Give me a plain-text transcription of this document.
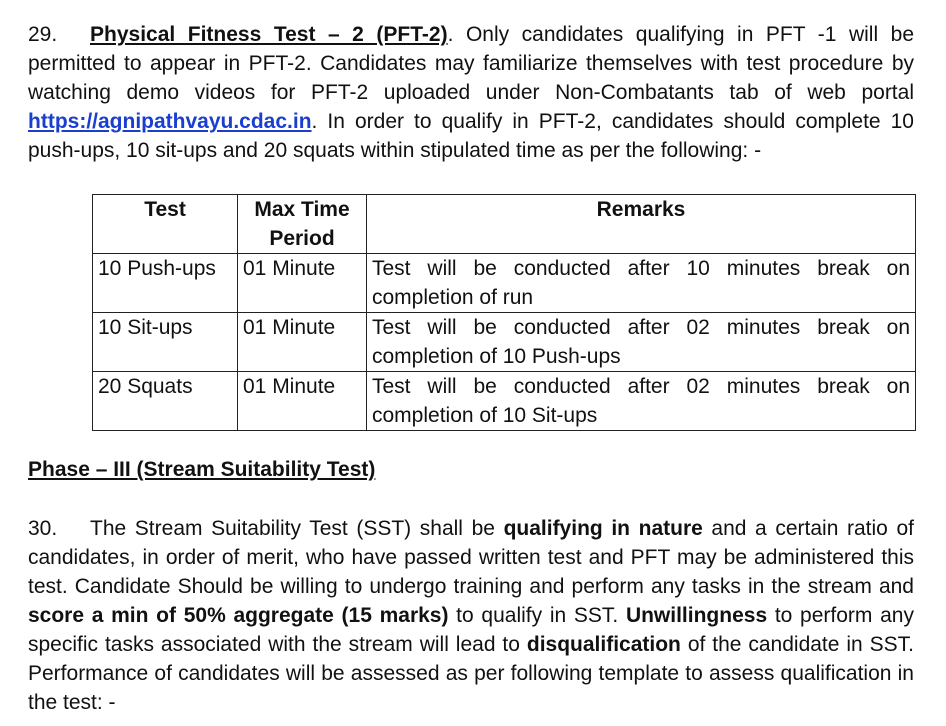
29. Physical Fitness Test – 2 (PFT-2). Only candidates qualifying in PFT -1 will be permitted to appear in PFT-2. Candidates may familiarize themselves with test procedure by watching demo videos for PFT-2 uploaded under Non-Combatants tab of web portal https://agnipathvayu.cdac.in. In order to qualify in PFT-2, candidates should complete 10 push-ups, 10 sit-ups and 20 squats within stipulated time as per the following: -
Test	Max Time Period	Remarks
10 Push-ups	01 Minute	Test will be conducted after 10 minutes break on completion of run
10 Sit-ups	01 Minute	Test will be conducted after 02 minutes break on completion of 10 Push-ups
20 Squats	01 Minute	Test will be conducted after 02 minutes break on completion of 10 Sit-ups
Phase – III (Stream Suitability Test)
30. The Stream Suitability Test (SST) shall be qualifying in nature and a certain ratio of candidates, in order of merit, who have passed written test and PFT may be administered this test. Candidate Should be willing to undergo training and perform any tasks in the stream and score a min of 50% aggregate (15 marks) to qualify in SST. Unwillingness to perform any specific tasks associated with the stream will lead to disqualification of the candidate in SST. Performance of candidates will be assessed as per following template to assess qualification in the test: -
